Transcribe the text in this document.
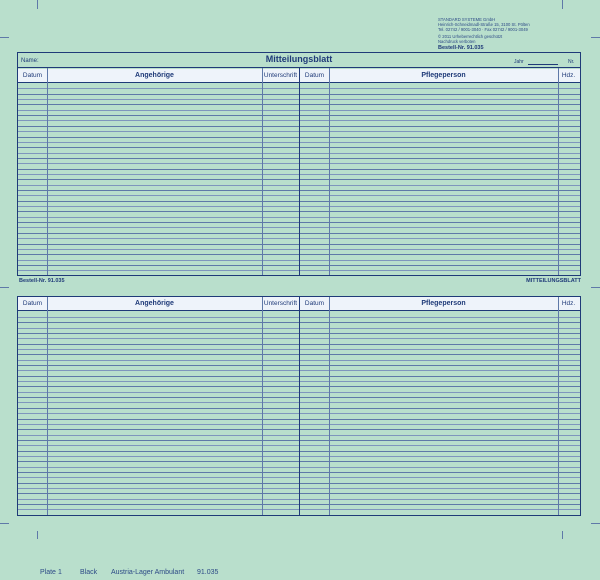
STANDARD SYSTEME GmbH
Heinrich-Schneidmadl-Straße 15, 3100 St. Pölten
Tel. 02742 / 9001-3040 · Fax 02742 / 9001-3049
© 2011 Urheberrechtlich geschützt
Nachdruck verboten
Bestell-Nr. 91.035
Name:	Mitteilungsblatt	Jahr	Nr.
Datum	Angehörige	Unterschrift	Datum	Pflegeperson	Hdz.
Bestell-Nr. 91.035	MITTEILUNGSBLATT
Datum	Angehörige	Unterschrift	Datum	Pflegeperson	Hdz.
Plate 1	Black Austria-Lager Ambulant 91.035
